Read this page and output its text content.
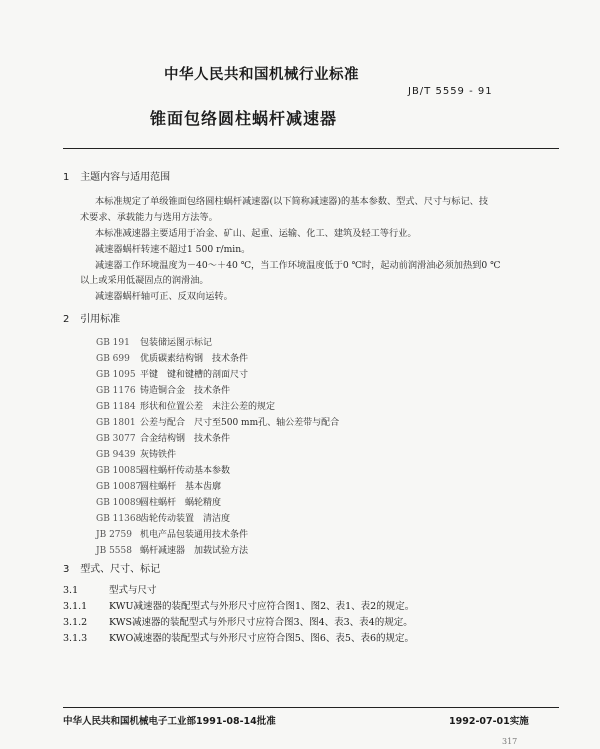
中华人民共和国机械行业标准
JB/T 5559 - 91
锥面包络圆柱蜗杆减速器
1 主题内容与适用范围
本标准规定了单级锥面包络圆柱蜗杆减速器(以下简称减速器)的基本参数、型式、尺寸与标记、技
术要求、承载能力与选用方法等。
本标准减速器主要适用于冶金、矿山、起重、运输、化工、建筑及轻工等行业。
减速器蜗杆转速不超过1 500 r/min。
减速器工作环境温度为－40～＋40 ℃，当工作环境温度低于0 ℃时，起动前润滑油必须加热到0 ℃
以上或采用低凝固点的润滑油。
减速器蜗杆轴可正、反双向运转。
2 引用标准
GB 191 包装储运图示标记
GB 699 优质碳素结构钢　技术条件
GB 1095 平键　键和键槽的剖面尺寸
GB 1176 铸造铜合金　技术条件
GB 1184 形状和位置公差　未注公差的规定
GB 1801 公差与配合　尺寸至500 mm孔、轴公差带与配合
GB 3077 合金结构钢　技术条件
GB 9439 灰铸铁件
GB 10085圆柱蜗杆传动基本参数
GB 10087圆柱蜗杆　基本齿廓
GB 10089圆柱蜗杆　蜗轮精度
GB 11368齿轮传动装置　清洁度
JB 2759 机电产品包装通用技术条件
JB 5558 蜗杆减速器　加载试验方法
3 型式、尺寸、标记
3.1	型式与尺寸
3.1.1 KWU减速器的装配型式与外形尺寸应符合图1、图2、表1、表2的规定。
3.1.2 KWS减速器的装配型式与外形尺寸应符合图3、图4、表3、表4的规定。
3.1.3 KWO减速器的装配型式与外形尺寸应符合图5、图6、表5、表6的规定。
中华人民共和国机械电子工业部1991-08-14批准	1992-07-01实施
317
